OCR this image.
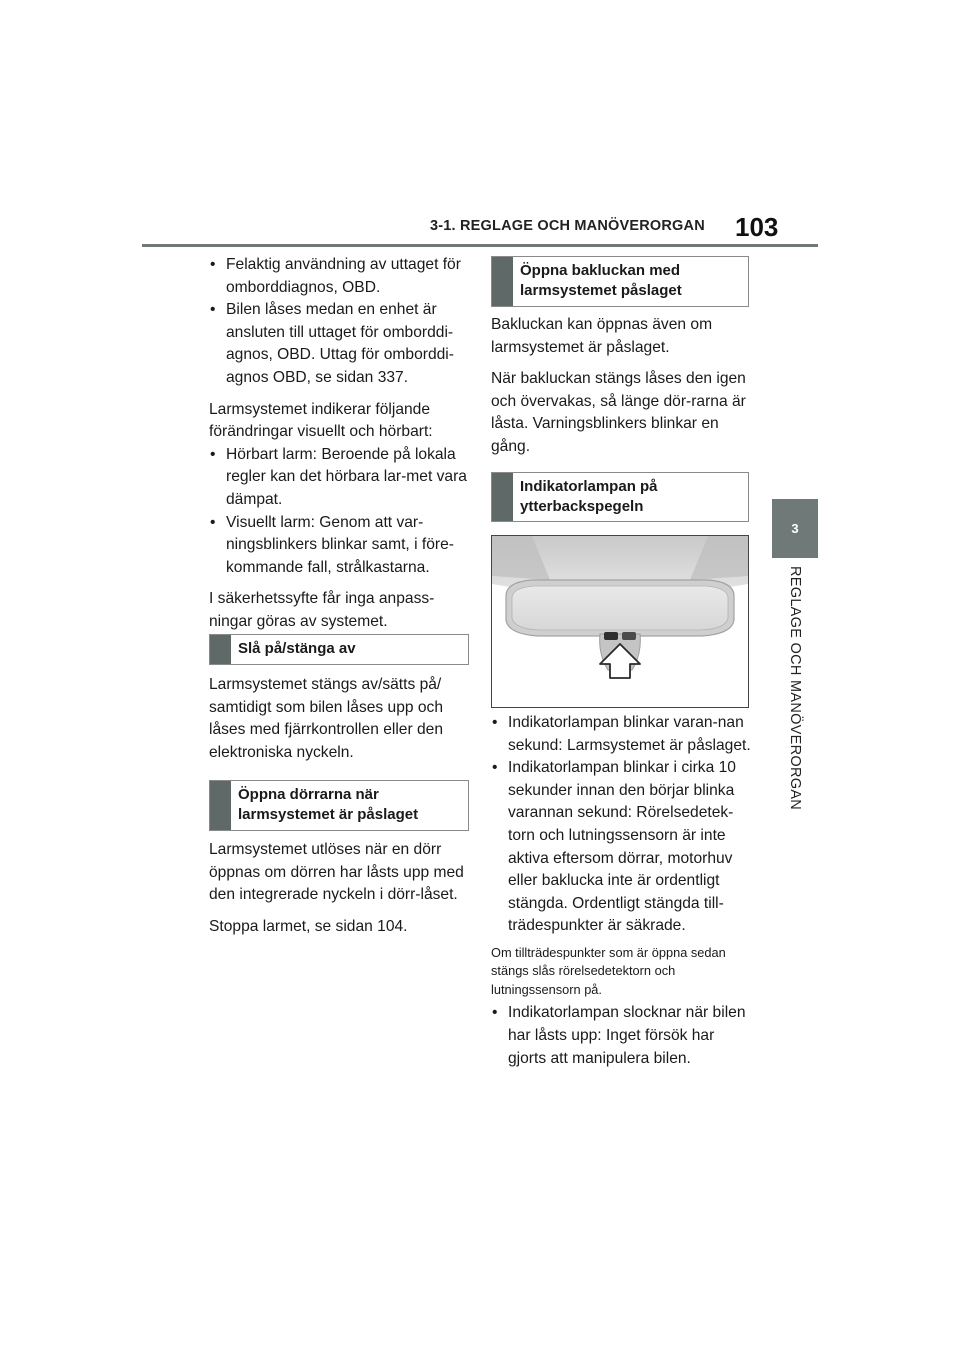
3-1. REGLAGE OCH MANÖVERORGAN 103
3
REGLAGE OCH MANÖVERORGAN
• Felaktig användning av uttaget för omborddiagnos, OBD.
• Bilen låses medan en enhet är ansluten till uttaget för omborddi-agnos, OBD. Uttag för omborddi-agnos OBD, se sidan 337.

Larmsystemet indikerar följande förändringar visuellt och hörbart:

• Hörbart larm: Beroende på lokala regler kan det hörbara lar-met vara dämpat.
• Visuellt larm: Genom att var-ningsblinkers blinkar samt, i före-kommande fall, strålkastarna.

I säkerhetssyfte får inga anpass-ningar göras av systemet.

Slå på/stänga av

Larmsystemet stängs av/sätts på/ samtidigt som bilen låses upp och låses med fjärrkontrollen eller den elektroniska nyckeln.

Öppna dörrarna när larmsystemet är påslaget

Larmsystemet utlöses när en dörr öppnas om dörren har låsts upp med den integrerade nyckeln i dörr-låset.

Stoppa larmet, se sidan 104.

Öppna bakluckan med larmsystemet påslaget

Bakluckan kan öppnas även om larmsystemet är påslaget.

När bakluckan stängs låses den igen och övervakas, så länge dör-rarna är låsta. Varningsblinkers blinkar en gång.

Indikatorlampan på ytterbackspegeln
• Indikatorlampan blinkar varan-nan sekund: Larmsystemet är påslaget.
• Indikatorlampan blinkar i cirka 10 sekunder innan den börjar blinka varannan sekund: Rörelsedetek-torn och lutningssensorn är inte aktiva eftersom dörrar, motorhuv eller baklucka inte är ordentligt stängda. Ordentligt stängda till-trädespunkter är säkrade.

Om tillträdespunkter som är öppna sedan stängs slås rörelsedetektorn och lutningssensorn på.

• Indikatorlampan slocknar när bilen har låsts upp: Inget försök har gjorts att manipulera bilen.
